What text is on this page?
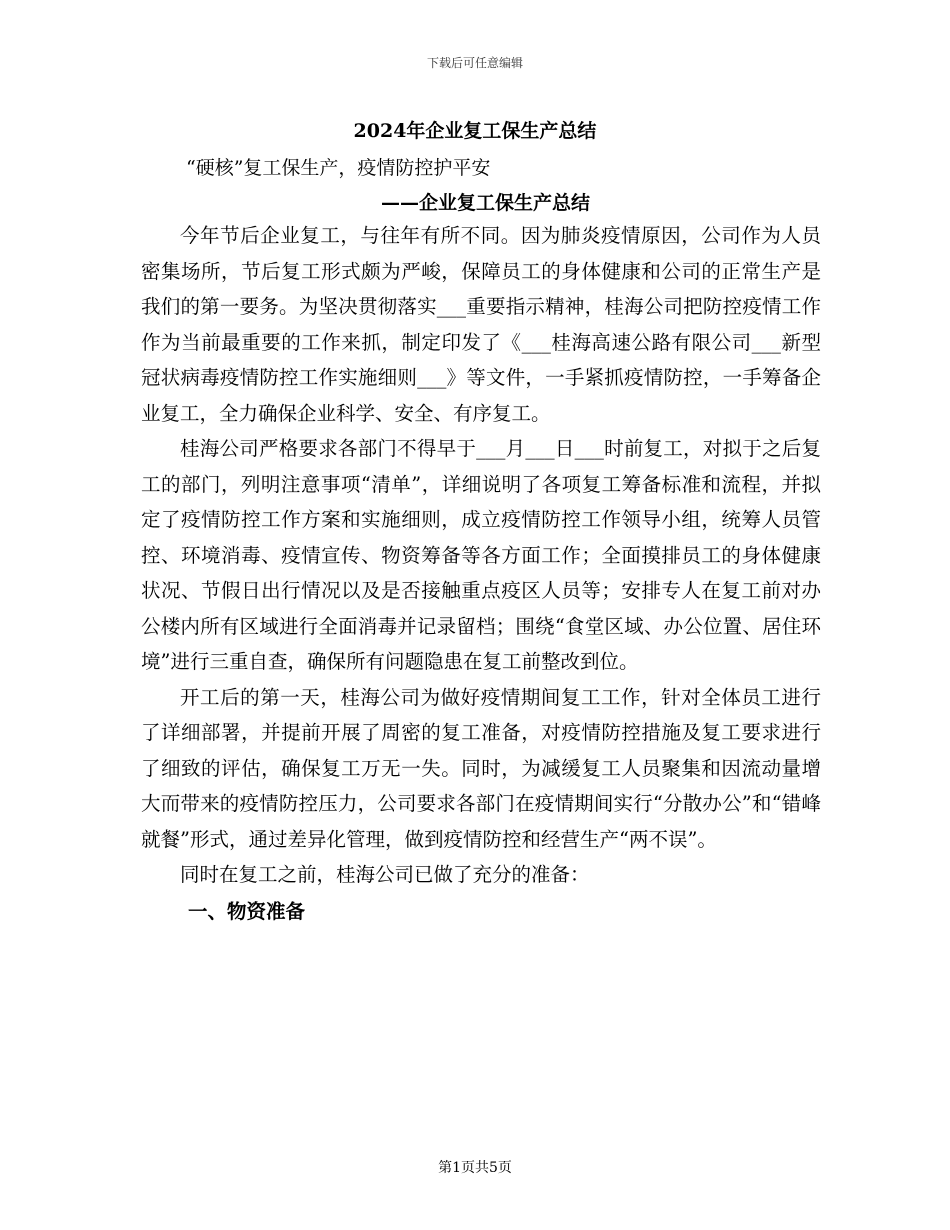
下载后可任意编辑
2024年企业复工保生产总结
“硬核”复工保生产，疫情防控护平安
——企业复工保生产总结

今年节后企业复工，与往年有所不同。因为肺炎疫情原因，公司作为人员密集场所，节后复工形式颇为严峻，保障员工的身体健康和公司的正常生产是我们的第一要务。为坚决贯彻落实___重要指示精神，桂海公司把防控疫情工作作为当前最重要的工作来抓，制定印发了《___桂海高速公路有限公司___新型冠状病毒疫情防控工作实施细则___》等文件，一手紧抓疫情防控，一手筹备企业复工，全力确保企业科学、安全、有序复工。

桂海公司严格要求各部门不得早于___月___日___时前复工，对拟于之后复工的部门，列明注意事项“清单”，详细说明了各项复工筹备标准和流程，并拟定了疫情防控工作方案和实施细则，成立疫情防控工作领导小组，统筹人员管控、环境消毒、疫情宣传、物资筹备等各方面工作；全面摸排员工的身体健康状况、节假日出行情况以及是否接触重点疫区人员等；安排专人在复工前对办公楼内所有区域进行全面消毒并记录留档；围绕“食堂区域、办公位置、居住环境”进行三重自查，确保所有问题隐患在复工前整改到位。

开工后的第一天，桂海公司为做好疫情期间复工工作，针对全体员工进行了详细部署，并提前开展了周密的复工准备，对疫情防控措施及复工要求进行了细致的评估，确保复工万无一失。同时，为减缓复工人员聚集和因流动量增大而带来的疫情防控压力，公司要求各部门在疫情期间实行“分散办公”和“错峰就餐”形式，通过差异化管理，做到疫情防控和经营生产“两不误”。

同时在复工之前，桂海公司已做了充分的准备：

一、物资准备
第1页共5页
